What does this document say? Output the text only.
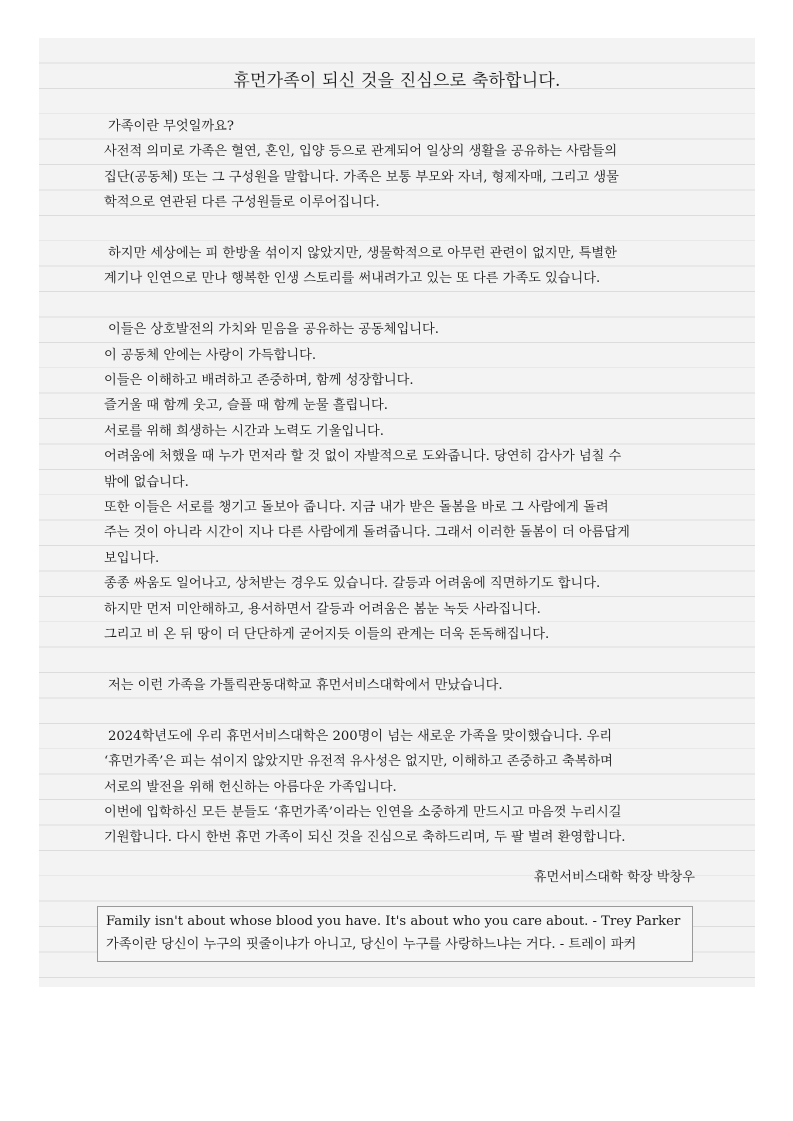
휴먼가족이 되신 것을 진심으로 축하합니다.
가족이란 무엇일까요?
사전적 의미로 가족은 혈연, 혼인, 입양 등으로 관계되어 일상의 생활을 공유하는 사람들의
집단(공동체) 또는 그 구성원을 말합니다. 가족은 보통 부모와 자녀, 형제자매, 그리고 생물
학적으로 연관된 다른 구성원들로 이루어집니다.
하지만 세상에는 피 한방울 섞이지 않았지만, 생물학적으로 아무런 관련이 없지만, 특별한
계기나 인연으로 만나 행복한 인생 스토리를 써내려가고 있는 또 다른 가족도 있습니다.
이들은 상호발전의 가치와 믿음을 공유하는 공동체입니다.
이 공동체 안에는 사랑이 가득합니다.
이들은 이해하고 배려하고 존중하며, 함께 성장합니다.
즐거울 때 함께 웃고, 슬플 때 함께 눈물 흘립니다.
서로를 위해 희생하는 시간과 노력도 기울입니다.
어려움에 처했을 때 누가 먼저라 할 것 없이 자발적으로 도와줍니다. 당연히 감사가 넘칠 수
밖에 없습니다.
또한 이들은 서로를 챙기고 돌보아 줍니다. 지금 내가 받은 돌봄을 바로 그 사람에게 돌려
주는 것이 아니라 시간이 지나 다른 사람에게 돌려줍니다. 그래서 이러한 돌봄이 더 아름답게
보입니다.
종종 싸움도 일어나고, 상처받는 경우도 있습니다. 갈등과 어려움에 직면하기도 합니다.
하지만 먼저 미안해하고, 용서하면서 갈등과 어려움은 봄눈 녹듯 사라집니다.
그리고 비 온 뒤 땅이 더 단단하게 굳어지듯 이들의 관계는 더욱 돈독해집니다.
저는 이런 가족을 가톨릭관동대학교 휴먼서비스대학에서 만났습니다.
2024학년도에 우리 휴먼서비스대학은 200명이 넘는 새로운 가족을 맞이했습니다. 우리
‘휴먼가족’은 피는 섞이지 않았지만 유전적 유사성은 없지만, 이해하고 존중하고 축복하며
서로의 발전을 위해 헌신하는 아름다운 가족입니다.
이번에 입학하신 모든 분들도 ‘휴먼가족’이라는 인연을 소중하게 만드시고 마음껏 누리시길
기원합니다. 다시 한번 휴먼 가족이 되신 것을 진심으로 축하드리며, 두 팔 벌려 환영합니다.
휴먼서비스대학 학장 박창우
Family isn't about whose blood you have. It's about who you care about. - Trey Parker
가족이란 당신이 누구의 핏줄이냐가 아니고, 당신이 누구를 사랑하느냐는 거다. - 트레이 파커
